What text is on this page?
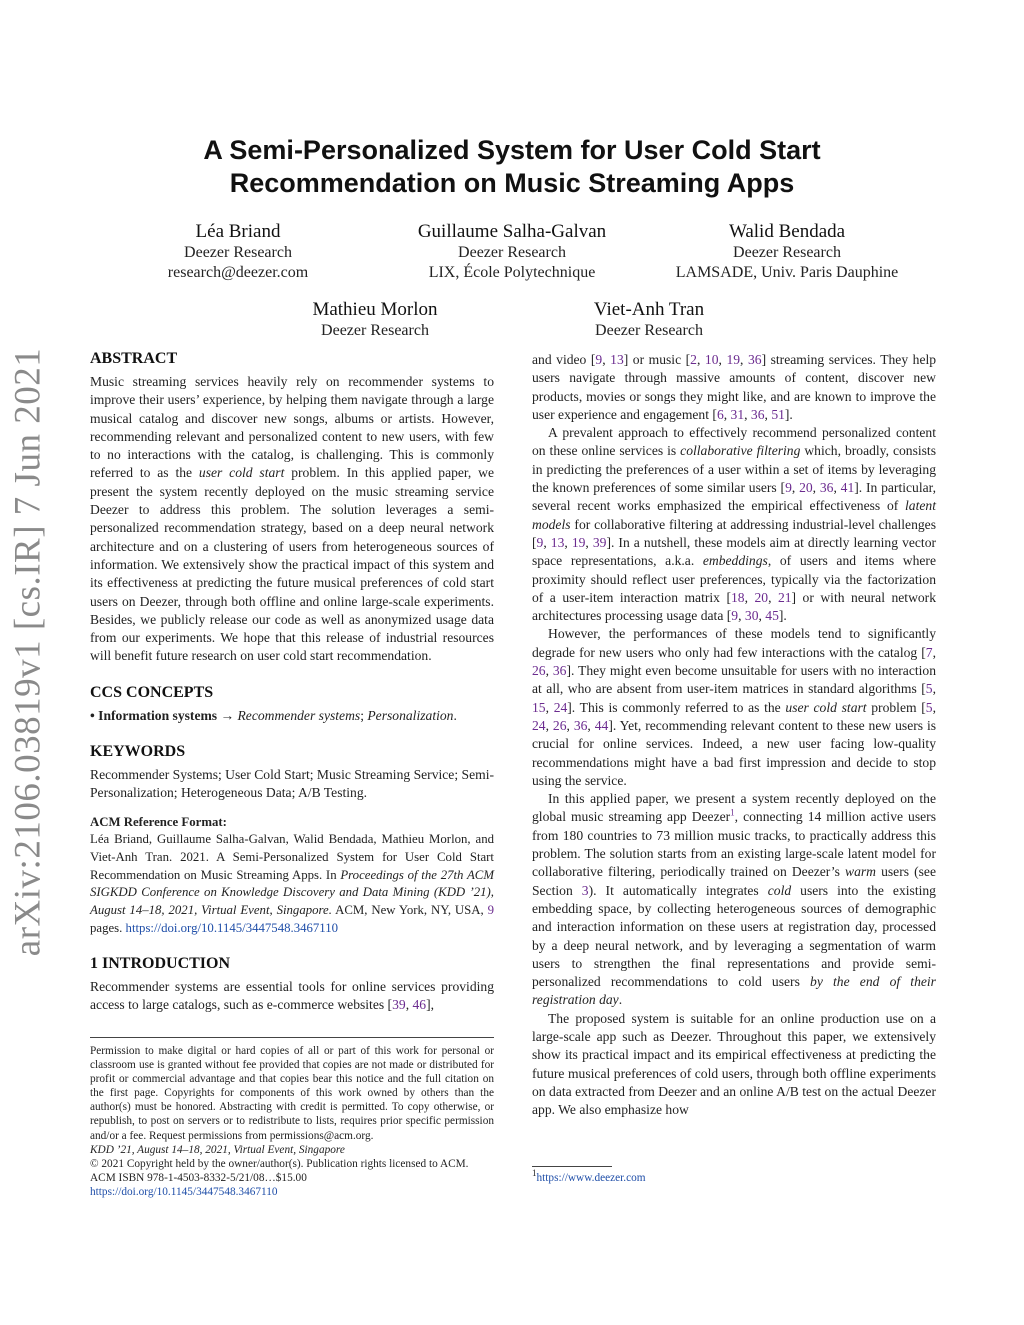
arXiv:2106.03819v1 [cs.IR] 7 Jun 2021
A Semi-Personalized System for User Cold Start
Recommendation on Music Streaming Apps
Léa Briand
Deezer Research
research@deezer.com
Guillaume Salha-Galvan
Deezer Research
LIX, École Polytechnique
Walid Bendada
Deezer Research
LAMSADE, Univ. Paris Dauphine
Mathieu Morlon
Deezer Research
Viet-Anh Tran
Deezer Research

ABSTRACT

Music streaming services heavily rely on recommender systems to improve their users’ experience, by helping them navigate through a large musical catalog and discover new songs, albums or artists. However, recommending relevant and personalized content to new users, with few to no interactions with the catalog, is challenging. This is commonly referred to as the user cold start problem. In this applied paper, we present the system recently deployed on the music streaming service Deezer to address this problem. The solution leverages a semi-personalized recommendation strategy, based on a deep neural network architecture and on a clustering of users from heterogeneous sources of information. We extensively show the practical impact of this system and its effectiveness at predicting the future musical preferences of cold start users on Deezer, through both offline and online large-scale experiments. Besides, we publicly release our code as well as anonymized usage data from our experiments. We hope that this release of industrial resources will benefit future research on user cold start recommendation.

CCS CONCEPTS

• Information systems → Recommender systems; Personalization.

KEYWORDS

Recommender Systems; User Cold Start; Music Streaming Service; Semi-Personalization; Heterogeneous Data; A/B Testing.

ACM Reference Format:

Léa Briand, Guillaume Salha-Galvan, Walid Bendada, Mathieu Morlon, and Viet-Anh Tran. 2021. A Semi-Personalized System for User Cold Start Recommendation on Music Streaming Apps. In Proceedings of the 27th ACM SIGKDD Conference on Knowledge Discovery and Data Mining (KDD ’21), August 14–18, 2021, Virtual Event, Singapore. ACM, New York, NY, USA, 9 pages. https://doi.org/10.1145/3447548.3467110

1 INTRODUCTION

Recommender systems are essential tools for online services providing access to large catalogs, such as e-commerce websites [39, 46],

Permission to make digital or hard copies of all or part of this work for personal or classroom use is granted without fee provided that copies are not made or distributed for profit or commercial advantage and that copies bear this notice and the full citation on the first page. Copyrights for components of this work owned by others than the author(s) must be honored. Abstracting with credit is permitted. To copy otherwise, or republish, to post on servers or to redistribute to lists, requires prior specific permission and/or a fee. Request permissions from permissions@acm.org.

KDD ’21, August 14–18, 2021, Virtual Event, Singapore

© 2021 Copyright held by the owner/author(s). Publication rights licensed to ACM.

ACM ISBN 978-1-4503-8332-5/21/08…$15.00

https://doi.org/10.1145/3447548.3467110

and video [9, 13] or music [2, 10, 19, 36] streaming services. They help users navigate through massive amounts of content, discover new products, movies or songs they might like, and are known to improve the user experience and engagement [6, 31, 36, 51].

A prevalent approach to effectively recommend personalized content on these online services is collaborative filtering which, broadly, consists in predicting the preferences of a user within a set of items by leveraging the known preferences of some similar users [9, 20, 36, 41]. In particular, several recent works emphasized the empirical effectiveness of latent models for collaborative filtering at addressing industrial-level challenges [9, 13, 19, 39]. In a nutshell, these models aim at directly learning vector space representations, a.k.a. embeddings, of users and items where proximity should reflect user preferences, typically via the factorization of a user-item interaction matrix [18, 20, 21] or with neural network architectures processing usage data [9, 30, 45].

However, the performances of these models tend to significantly degrade for new users who only had few interactions with the catalog [7, 26, 36]. They might even become unsuitable for users with no interaction at all, who are absent from user-item matrices in standard algorithms [5, 15, 24]. This is commonly referred to as the user cold start problem [5, 24, 26, 36, 44]. Yet, recommending relevant content to these new users is crucial for online services. Indeed, a new user facing low-quality recommendations might have a bad first impression and decide to stop using the service.

In this applied paper, we present a system recently deployed on the global music streaming app Deezer$^1$, connecting 14 million active users from 180 countries to 73 million music tracks, to practically address this problem. The solution starts from an existing large-scale latent model for collaborative filtering, periodically trained on Deezer’s warm users (see Section 3). It automatically integrates cold users into the existing embedding space, by collecting heterogeneous sources of demographic and interaction information on these users at registration day, processed by a deep neural network, and by leveraging a segmentation of warm users to strengthen the final representations and provide semi-personalized recommendations to cold users by the end of their registration day.

The proposed system is suitable for an online production use on a large-scale app such as Deezer. Throughout this paper, we extensively show its practical impact and its empirical effectiveness at predicting the future musical preferences of cold users, through both offline experiments on data extracted from Deezer and an online A/B test on the actual Deezer app. We also emphasize how

$^1$https://www.deezer.com
